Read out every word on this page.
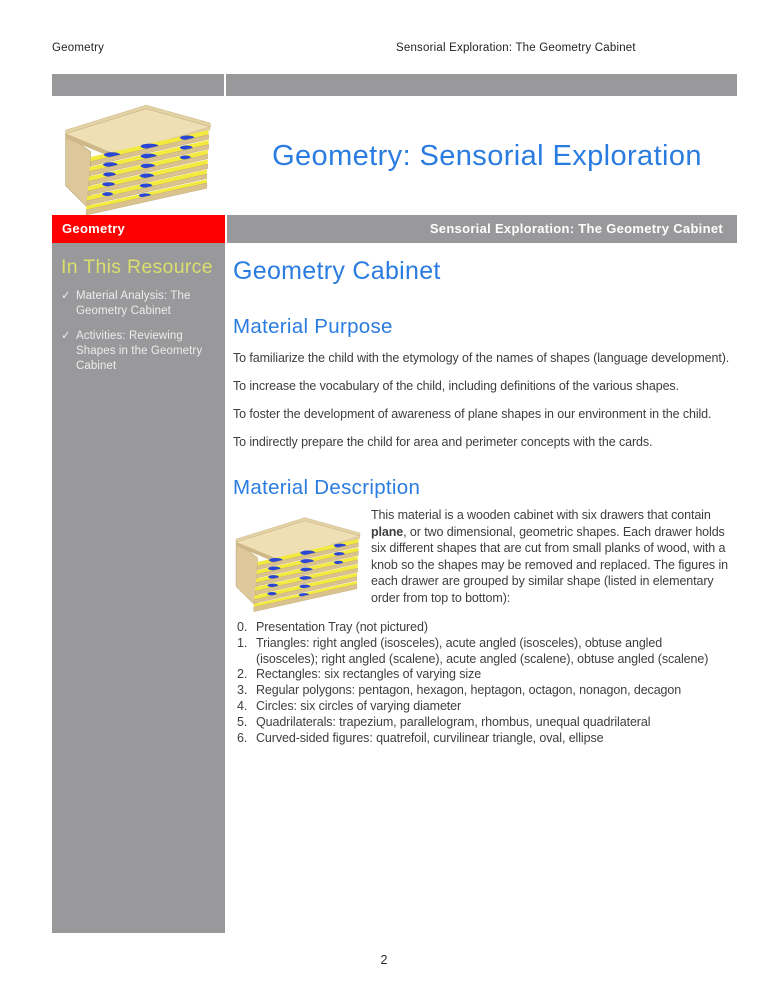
Geometry	Sensorial Exploration: The Geometry Cabinet
Geometry: Sensorial Exploration
Geometry	Sensorial Exploration: The Geometry Cabinet
In This Resource
✓ Material Analysis: The Geometry Cabinet
✓ Activities: Reviewing Shapes in the Geometry Cabinet
Geometry Cabinet
Material Purpose

To familiarize the child with the etymology of the names of shapes (language development).

To increase the vocabulary of the child, including definitions of the various shapes.

To foster the development of awareness of plane shapes in our environment in the child.

To indirectly prepare the child for area and perimeter concepts with the cards.

Material Description
This material is a wooden cabinet with six drawers that contain plane, or two dimensional, geometric shapes. Each drawer holds six different shapes that are cut from small planks of wood, with a knob so the shapes may be removed and replaced. The figures in each drawer are grouped by similar shape (listed in elementary order from top to bottom):
0. Presentation Tray (not pictured)
1. Triangles: right angled (isosceles), acute angled (isosceles), obtuse angled (isosceles); right angled (scalene), acute angled (scalene), obtuse angled (scalene)
2. Rectangles: six rectangles of varying size
3. Regular polygons: pentagon, hexagon, heptagon, octagon, nonagon, decagon
4. Circles: six circles of varying diameter
5. Quadrilaterals: trapezium, parallelogram, rhombus, unequal quadrilateral
6. Curved-sided figures: quatrefoil, curvilinear triangle, oval, ellipse
2
